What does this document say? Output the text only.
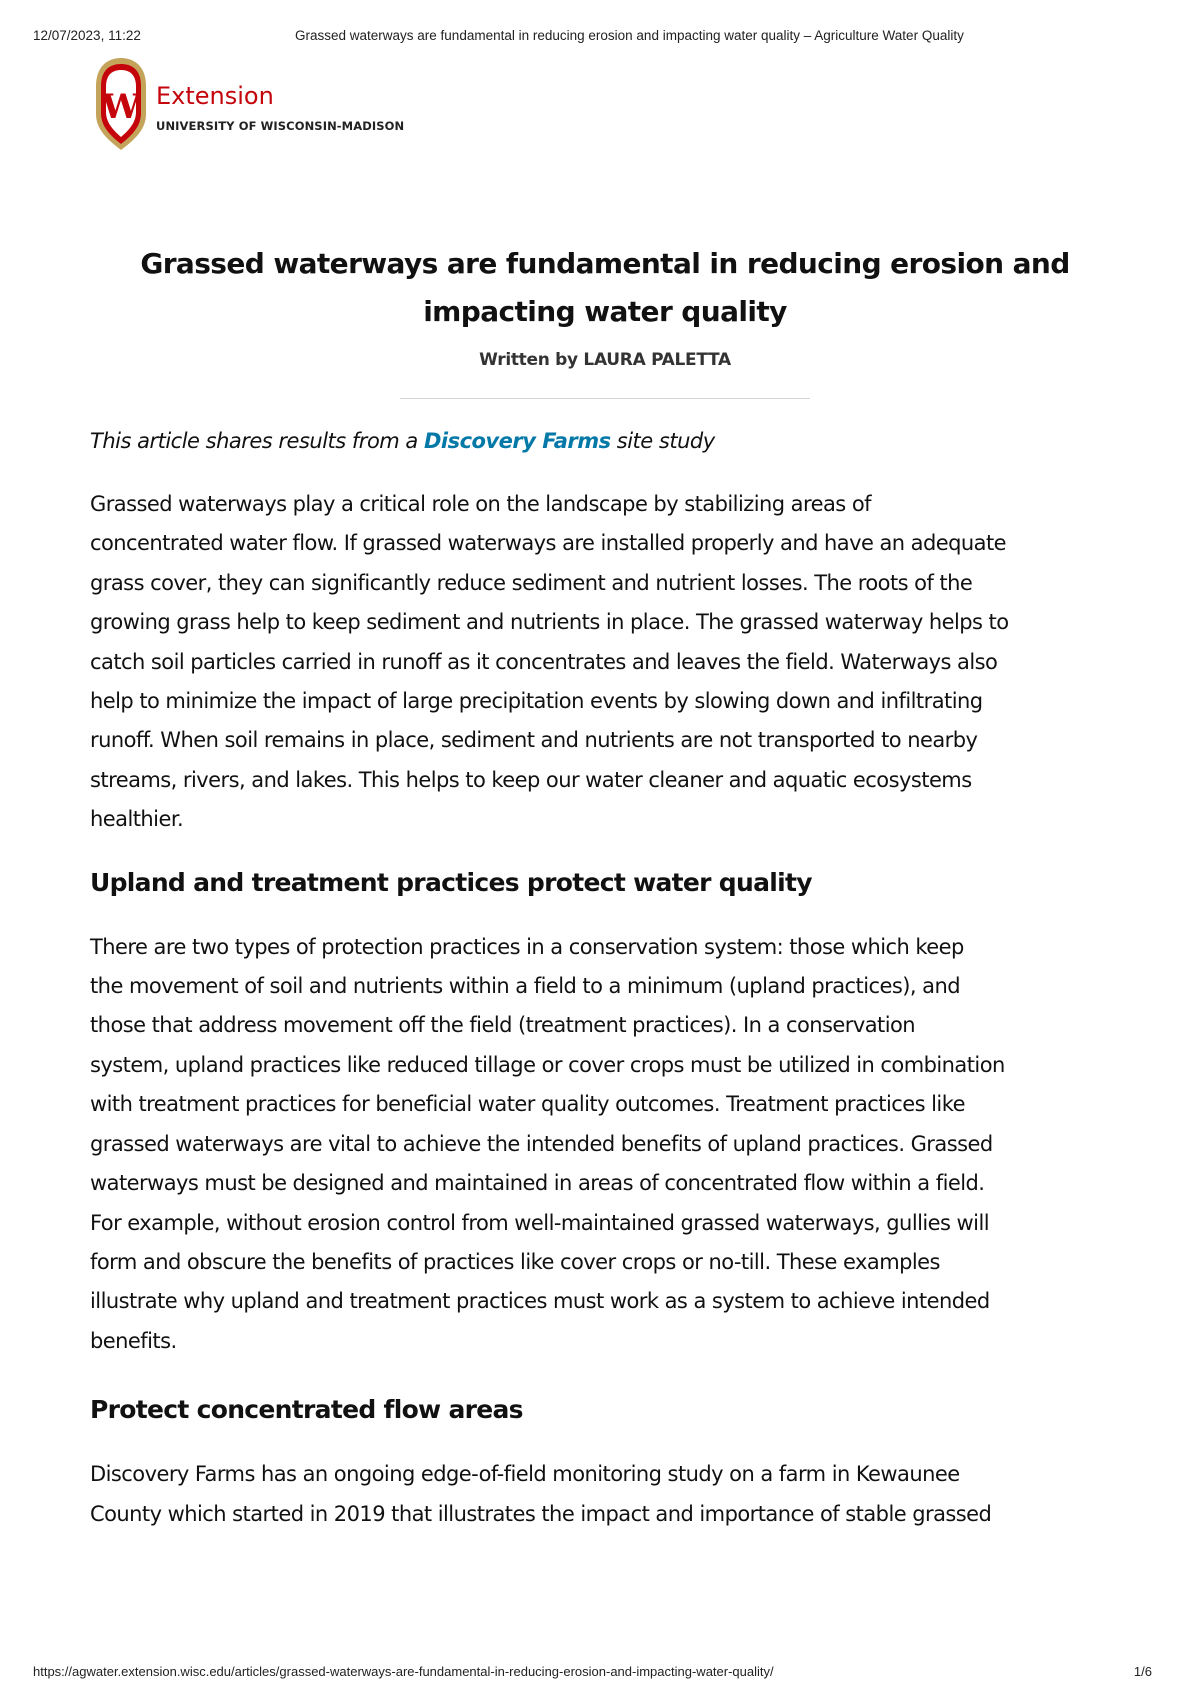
12/07/2023, 11:22	Grassed waterways are fundamental in reducing erosion and impacting water quality – Agriculture Water Quality
W Extension
UNIVERSITY OF WISCONSIN-MADISON
Grassed waterways are fundamental in reducing erosion and
impacting water quality
Written by LAURA PALETTA
This article shares results from a Discovery Farms site study

Grassed waterways play a critical role on the landscape by stabilizing areas of
concentrated water flow. If grassed waterways are installed properly and have an adequate
grass cover, they can significantly reduce sediment and nutrient losses. The roots of the
growing grass help to keep sediment and nutrients in place. The grassed waterway helps to
catch soil particles carried in runoff as it concentrates and leaves the field. Waterways also
help to minimize the impact of large precipitation events by slowing down and infiltrating
runoff. When soil remains in place, sediment and nutrients are not transported to nearby
streams, rivers, and lakes. This helps to keep our water cleaner and aquatic ecosystems
healthier.

Upland and treatment practices protect water quality

There are two types of protection practices in a conservation system: those which keep
the movement of soil and nutrients within a field to a minimum (upland practices), and
those that address movement off the field (treatment practices). In a conservation
system, upland practices like reduced tillage or cover crops must be utilized in combination
with treatment practices for beneficial water quality outcomes. Treatment practices like
grassed waterways are vital to achieve the intended benefits of upland practices. Grassed
waterways must be designed and maintained in areas of concentrated flow within a field.
For example, without erosion control from well-maintained grassed waterways, gullies will
form and obscure the benefits of practices like cover crops or no-till. These examples
illustrate why upland and treatment practices must work as a system to achieve intended
benefits.

Protect concentrated flow areas

Discovery Farms has an ongoing edge-of-field monitoring study on a farm in Kewaunee
County which started in 2019 that illustrates the impact and importance of stable grassed

https://agwater.extension.wisc.edu/articles/grassed-waterways-are-fundamental-in-reducing-erosion-and-impacting-water-quality/	1/6
